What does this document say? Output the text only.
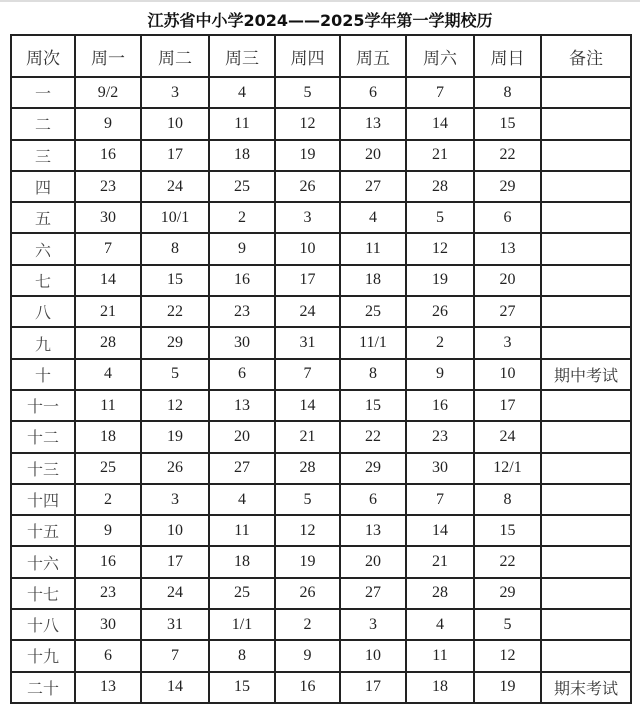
江苏省中小学2024——2025学年第一学期校历
周次	周一	周二	周三	周四	周五	周六	周日	备注
一	9/2	3	4	5	6	7	8	
二	9	10	11	12	13	14	15	
三	16	17	18	19	20	21	22	
四	23	24	25	26	27	28	29	
五	30	10/1	2	3	4	5	6	
六	7	8	9	10	11	12	13	
七	14	15	16	17	18	19	20	
八	21	22	23	24	25	26	27	
九	28	29	30	31	11/1	2	3	
十	4	5	6	7	8	9	10	期中考试
十一	11	12	13	14	15	16	17	
十二	18	19	20	21	22	23	24	
十三	25	26	27	28	29	30	12/1	
十四	2	3	4	5	6	7	8	
十五	9	10	11	12	13	14	15	
十六	16	17	18	19	20	21	22	
十七	23	24	25	26	27	28	29	
十八	30	31	1/1	2	3	4	5	
十九	6	7	8	9	10	11	12	
二十	13	14	15	16	17	18	19	期末考试
